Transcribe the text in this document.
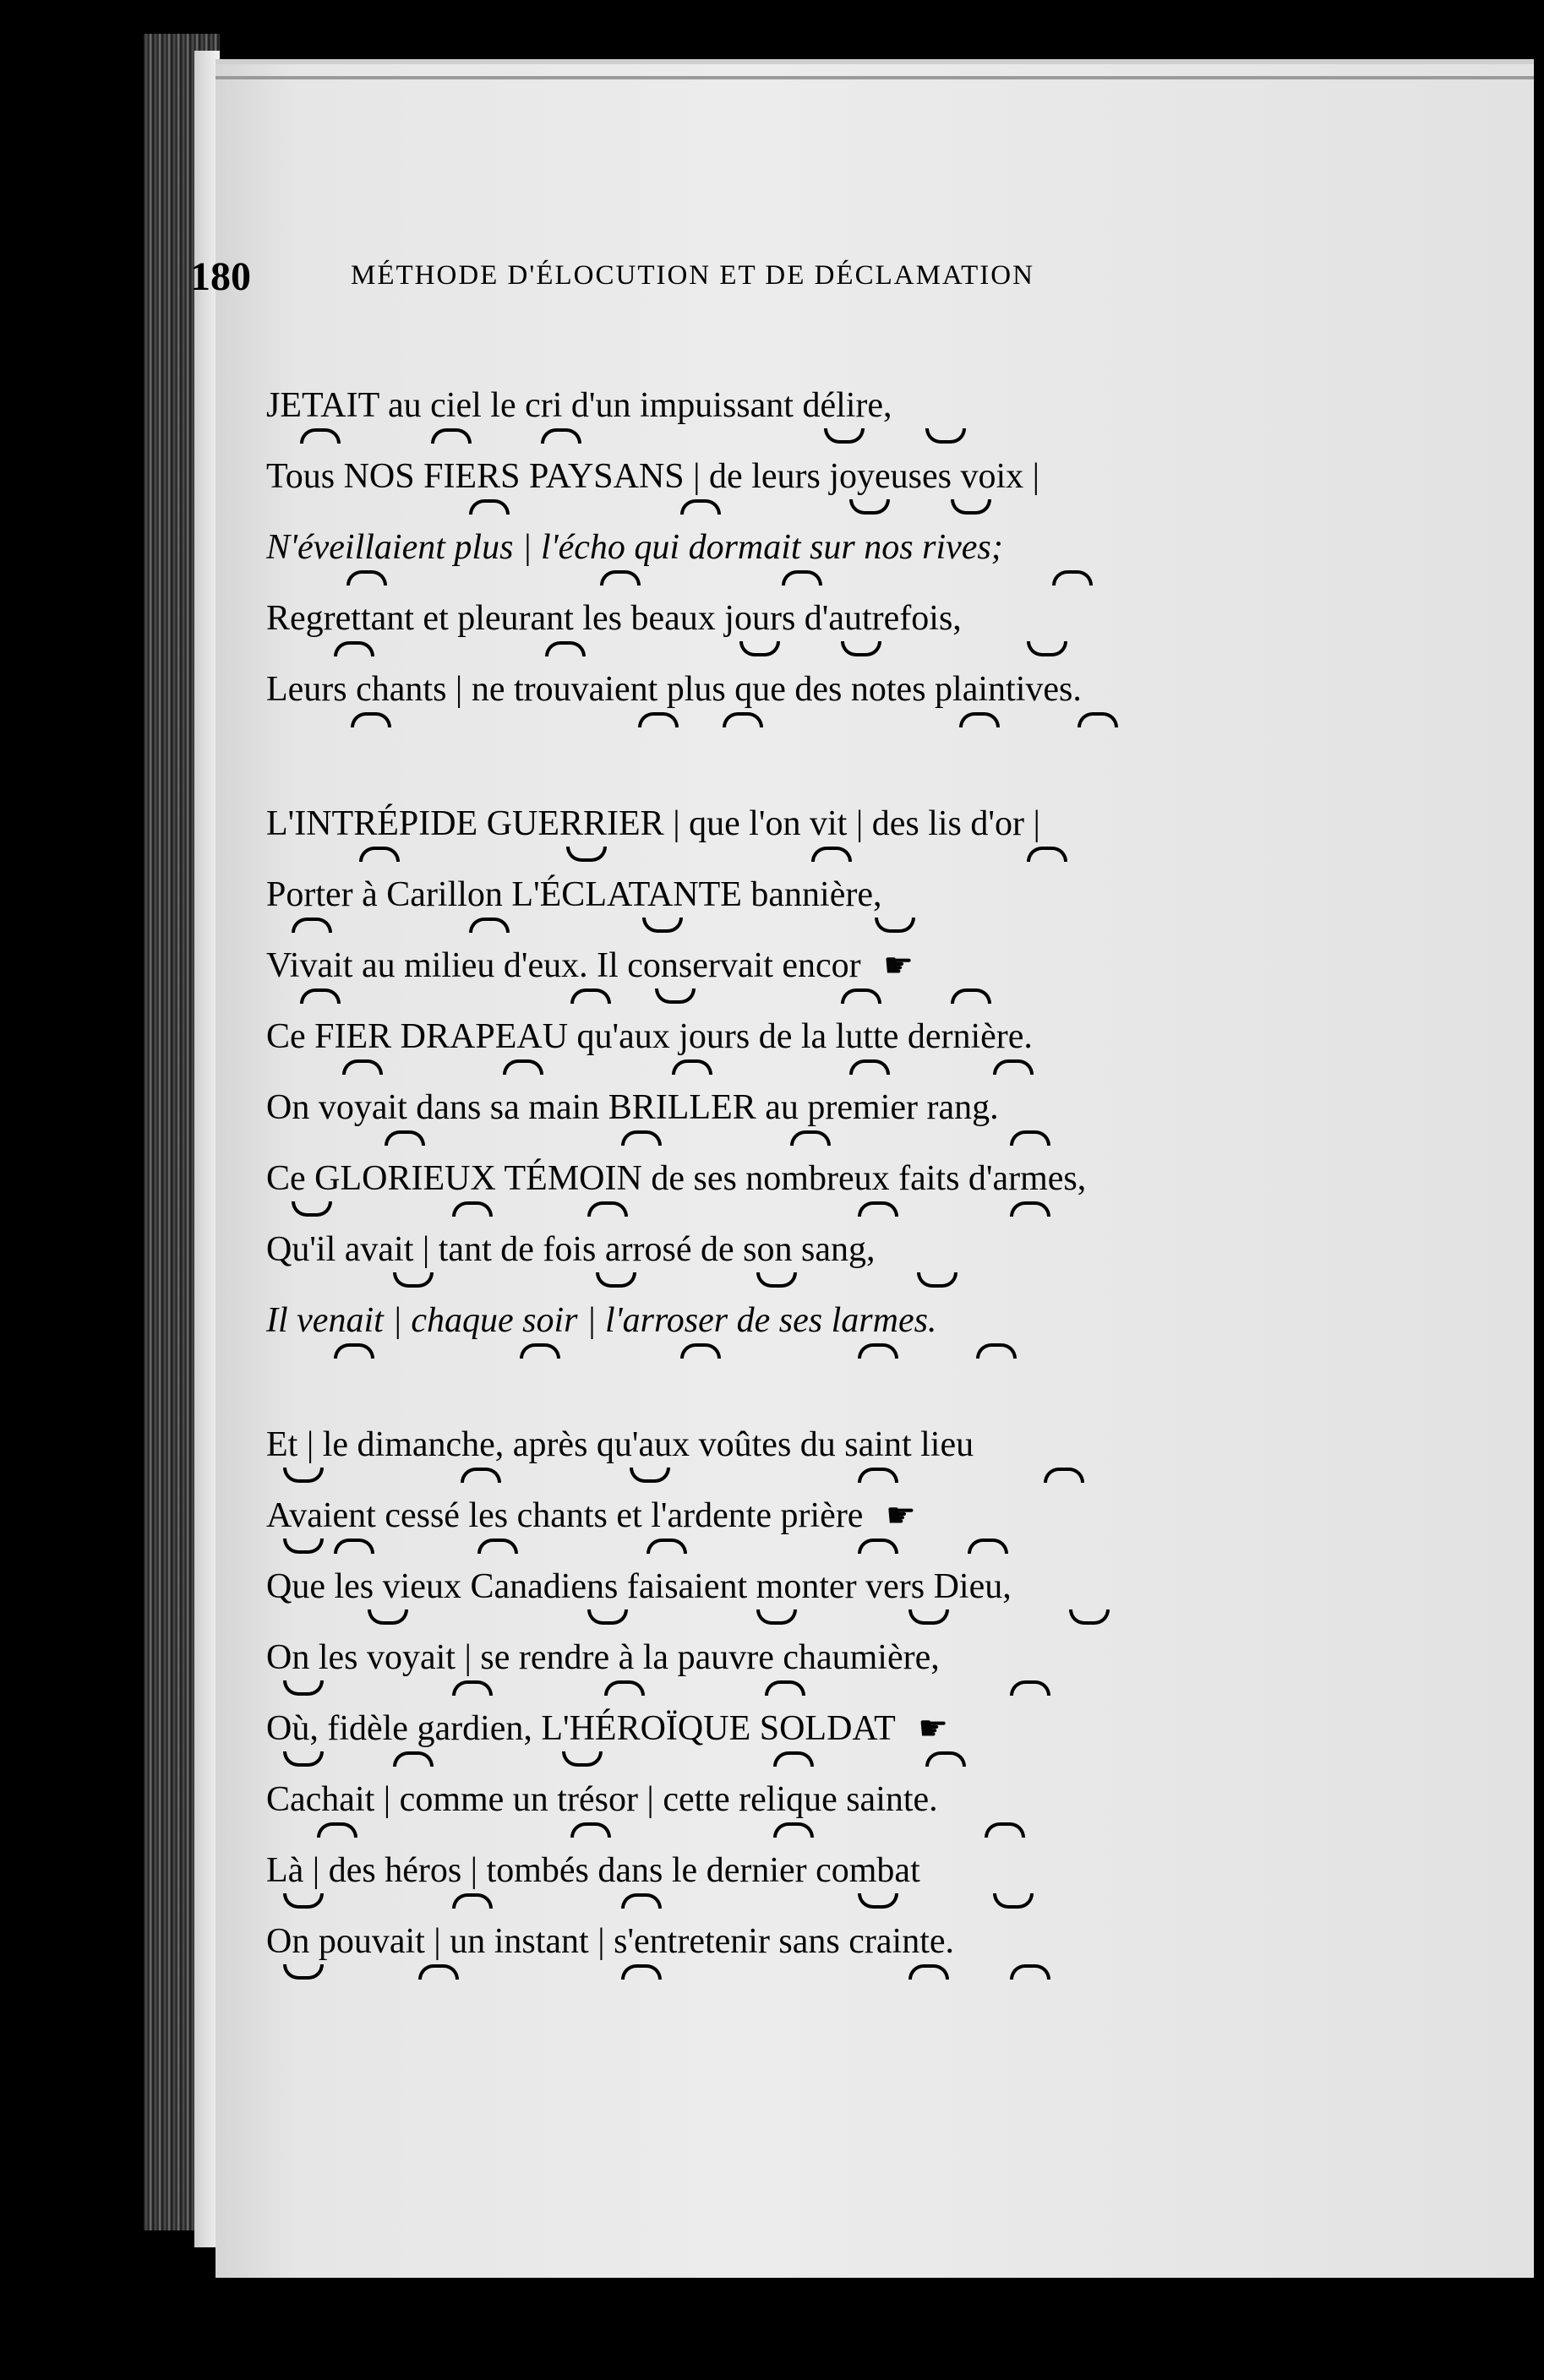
180	MÉTHODE D'ÉLOCUTION ET DE DÉCLAMATION
JETAIT au ciel le cri d'un impuissant délire,
Tous NOS FIERS PAYSANS | de leurs joyeuses voix |
N'éveillaient plus | l'écho qui dormait sur nos rives;
Regrettant et pleurant les beaux jours d'autrefois,
Leurs chants | ne trouvaient plus que des notes plaintives.
L'INTRÉPIDE GUERRIER | que l'on vit | des lis d'or |
Porter à Carillon L'ÉCLATANTE bannière,
Vivait au milieu d'eux. Il conservait encor ☛
Ce FIER DRAPEAU qu'aux jours de la lutte dernière.
On voyait dans sa main BRILLER au premier rang.
Ce GLORIEUX TÉMOIN de ses nombreux faits d'armes,
Qu'il avait | tant de fois arrosé de son sang,
Il venait | chaque soir | l'arroser de ses larmes.
Et | le dimanche, après qu'aux voûtes du saint lieu
Avaient cessé les chants et l'ardente prière ☛
Que les vieux Canadiens faisaient monter vers Dieu,
On les voyait | se rendre à la pauvre chaumière,
Où, fidèle gardien, L'HÉROÏQUE SOLDAT ☛
Cachait | comme un trésor | cette relique sainte.
Là | des héros | tombés dans le dernier combat
On pouvait | un instant | s'entretenir sans crainte.
